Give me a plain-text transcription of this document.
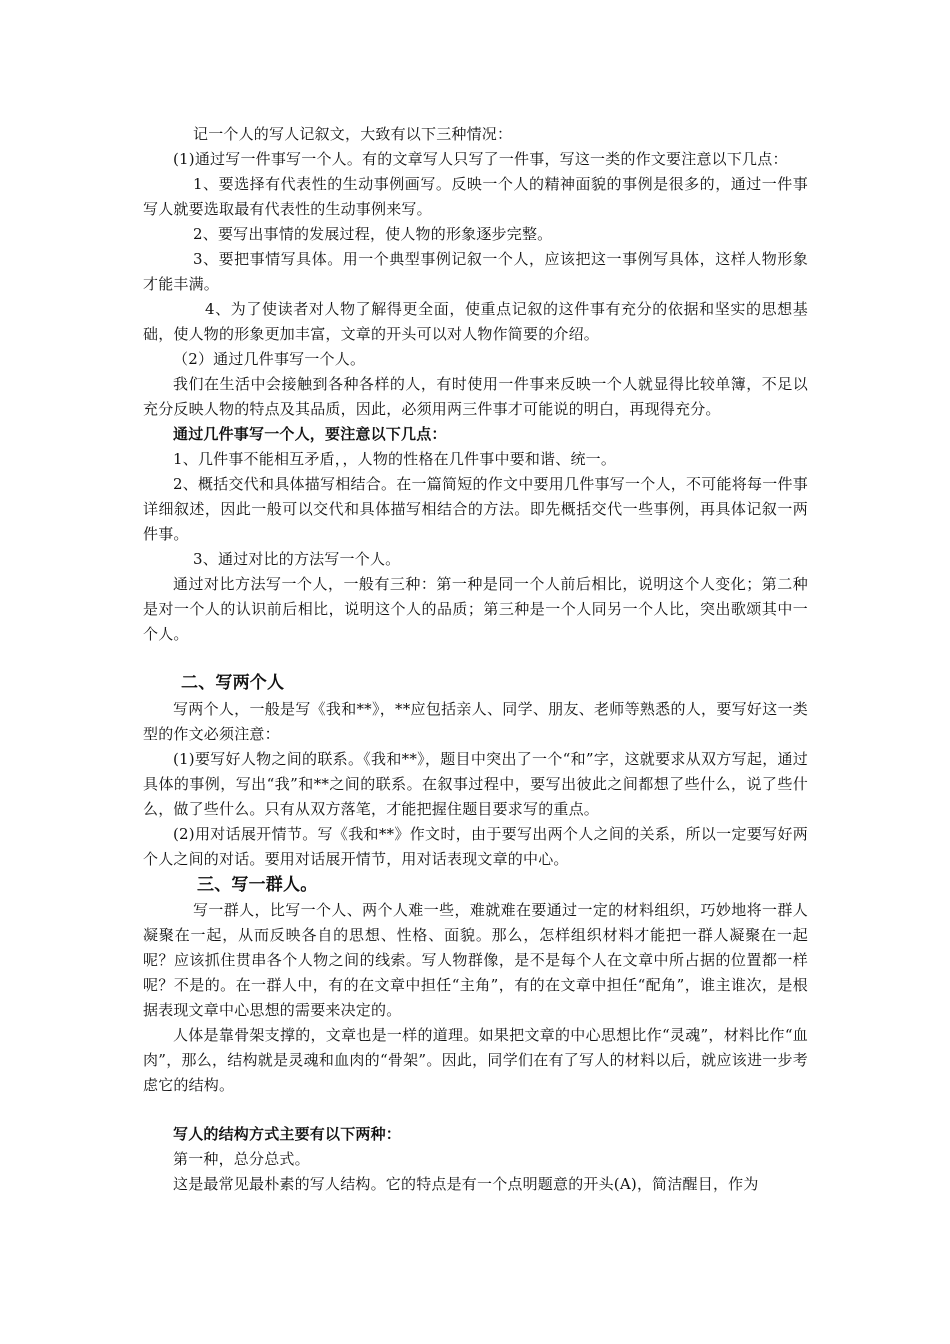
记一个人的写人记叙文，大致有以下三种情况：

(1)通过写一件事写一个人。有的文章写人只写了一件事，写这一类的作文要注意以下几点：

1、要选择有代表性的生动事例画写。反映一个人的精神面貌的事例是很多的，通过一件事写人就要选取最有代表性的生动事例来写。

2、要写出事情的发展过程，使人物的形象逐步完整。

3、要把事情写具体。用一个典型事例记叙一个人，应该把这一事例写具体，这样人物形象才能丰满。

4、为了使读者对人物了解得更全面，使重点记叙的这件事有充分的依据和坚实的思想基础，使人物的形象更加丰富，文章的开头可以对人物作简要的介绍。

（2）通过几件事写一个人。

我们在生活中会接触到各种各样的人，有时使用一件事来反映一个人就显得比较单簿，不足以充分反映人物的特点及其品质，因此，必须用两三件事才可能说的明白，再现得充分。

通过几件事写一个人，要注意以下几点：

1、几件事不能相互矛盾，，人物的性格在几件事中要和谐、统一。

2、概括交代和具体描写相结合。在一篇简短的作文中要用几件事写一个人，不可能将每一件事详细叙述，因此一般可以交代和具体描写相结合的方法。即先概括交代一些事例，再具体记叙一两件事。

3、通过对比的方法写一个人。

通过对比方法写一个人，一般有三种：第一种是同一个人前后相比，说明这个人变化；第二种是对一个人的认识前后相比，说明这个人的品质；第三种是一个人同另一个人比，突出歌颂其中一个人。

二、写两个人

写两个人，一般是写《我和**》，**应包括亲人、同学、朋友、老师等熟悉的人，要写好这一类型的作文必须注意：

(1)要写好人物之间的联系。《我和**》，题目中突出了一个“和”字，这就要求从双方写起，通过具体的事例，写出“我”和**之间的联系。在叙事过程中，要写出彼此之间都想了些什么，说了些什么，做了些什么。只有从双方落笔，才能把握住题目要求写的重点。

(2)用对话展开情节。写《我和**》作文时，由于要写出两个人之间的关系，所以一定要写好两个人之间的对话。要用对话展开情节，用对话表现文章的中心。

三、写一群人。

写一群人，比写一个人、两个人难一些，难就难在要通过一定的材料组织，巧妙地将一群人凝聚在一起，从而反映各自的思想、性格、面貌。那么，怎样组织材料才能把一群人凝聚在一起呢？应该抓住贯串各个人物之间的线索。写人物群像，是不是每个人在文章中所占据的位置都一样呢？不是的。在一群人中，有的在文章中担任“主角”，有的在文章中担任“配角”，谁主谁次，是根据表现文章中心思想的需要来决定的。

人体是靠骨架支撑的，文章也是一样的道理。如果把文章的中心思想比作“灵魂”，材料比作“血肉”，那么，结构就是灵魂和血肉的“骨架”。因此，同学们在有了写人的材料以后，就应该进一步考虑它的结构。

写人的结构方式主要有以下两种：

第一种，总分总式。

这是最常见最朴素的写人结构。它的特点是有一个点明题意的开头(A)，简洁醒目，作为
